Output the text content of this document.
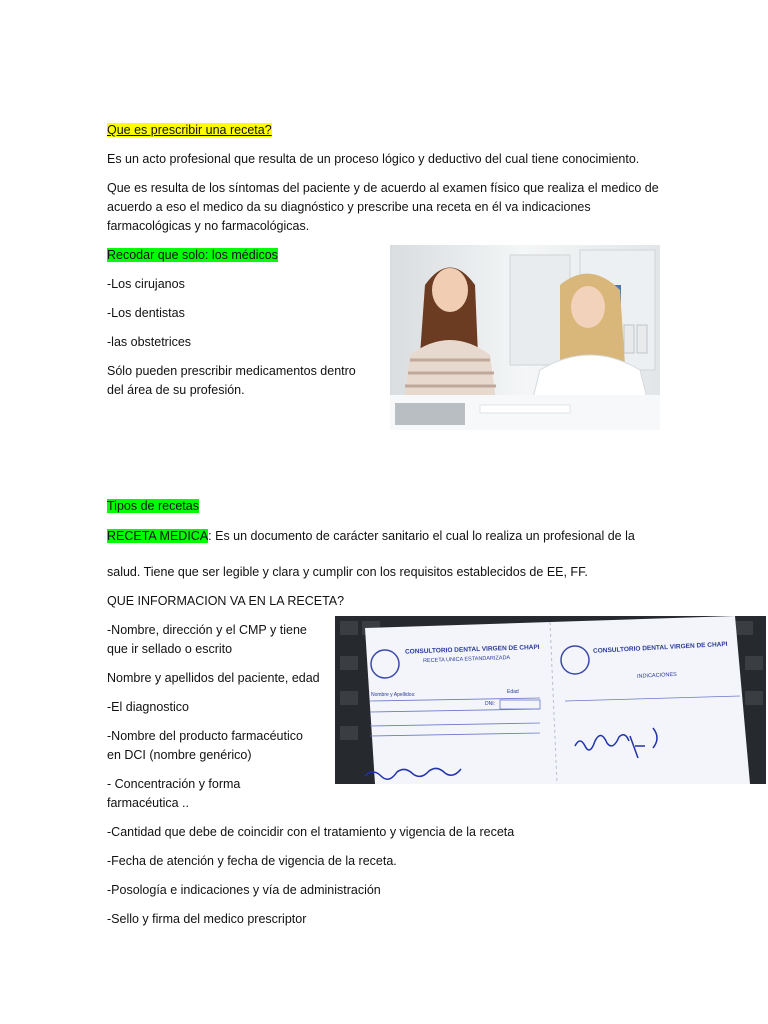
Que es prescribir una receta?

Es un acto profesional que resulta de un proceso lógico y deductivo del cual tiene conocimiento.

Que es resulta de los síntomas del paciente y de acuerdo al examen físico que realiza el medico de

acuerdo a eso el medico da su diagnóstico y prescribe una receta en él va indicaciones

farmacológicas y no farmacológicas.

Recodar que solo: los médicos

-Los cirujanos

-Los dentistas

-las obstetrices

Sólo pueden prescribir medicamentos dentro

del área de su profesión.

Tipos de recetas

RECETA MEDICA: Es un documento de carácter sanitario el cual lo realiza un profesional de la

salud. Tiene que ser legible y clara y cumplir con los requisitos establecidos de EE, FF.

QUE INFORMACION VA EN LA RECETA?

-Nombre, dirección y el CMP y tiene

que ir sellado o escrito

Nombre y apellidos del paciente, edad

-El diagnostico

-Nombre del producto farmacéutico

en DCI (nombre genérico)

- Concentración y forma

farmacéutica ..

-Cantidad que debe de coincidir con el tratamiento y vigencia de la receta

-Fecha de atención y fecha de vigencia de la receta.

-Posología e indicaciones y vía de administración

-Sello y firma del medico prescriptor

CONSULTORIO DENTAL VIRGEN DE CHAPI
RECETA ÚNICA ESTANDARIZADA
CONSULTORIO DENTAL VIRGEN DE CHAPI
INDICACIONES
Nombre y Apellidos:	Edad
DNI:
